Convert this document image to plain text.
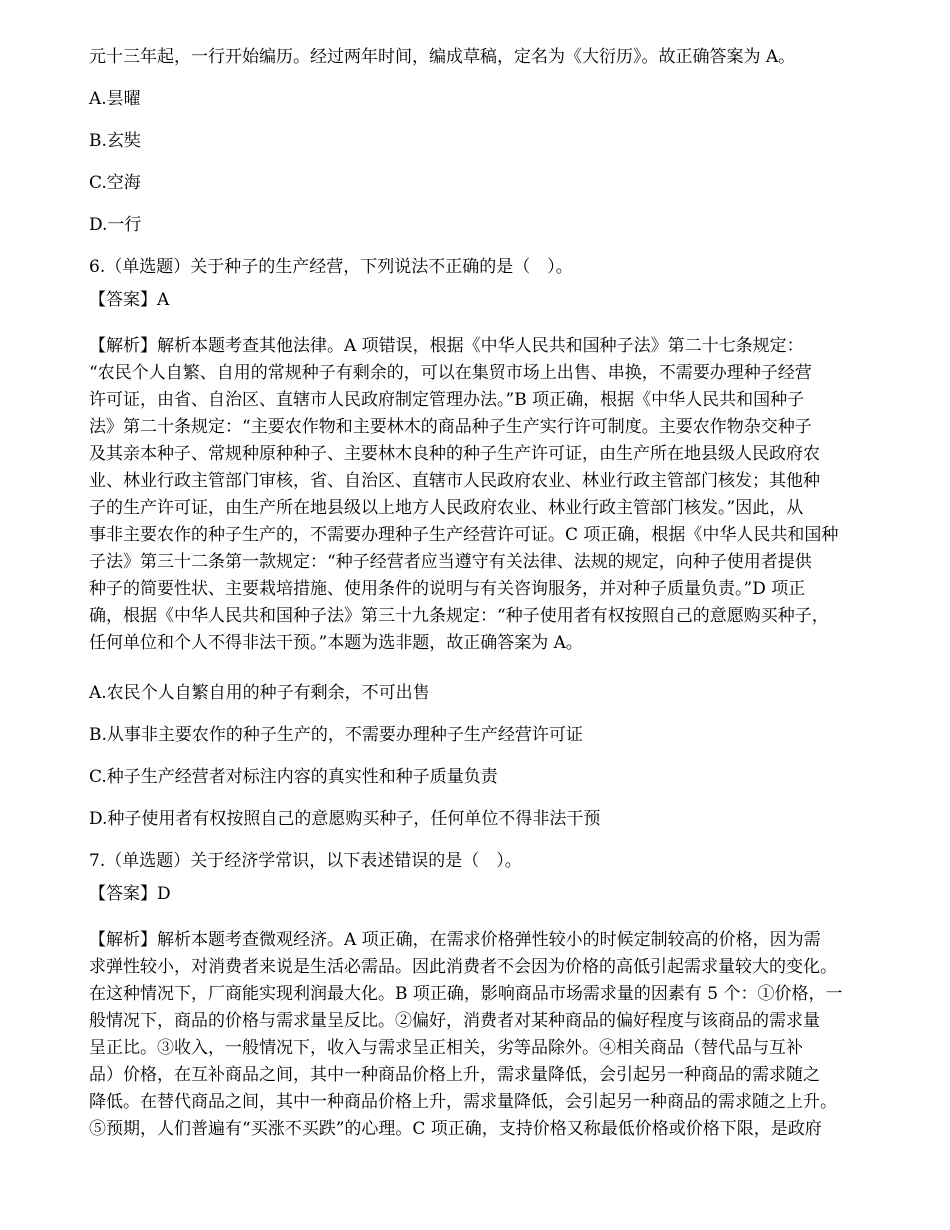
元十三年起，一行开始编历。经过两年时间，编成草稿，定名为《大衍历》。故正确答案为 A。
A.昙曜
B.玄奘
C.空海
D.一行
6.（单选题）关于种子的生产经营，下列说法不正确的是（　）。
【答案】A
【解析】解析本题考查其他法律。A 项错误，根据《中华人民共和国种子法》第二十七条规定：
“农民个人自繁、自用的常规种子有剩余的，可以在集贸市场上出售、串换，不需要办理种子经营
许可证，由省、自治区、直辖市人民政府制定管理办法。”B 项正确，根据《中华人民共和国种子
法》第二十条规定：“主要农作物和主要林木的商品种子生产实行许可制度。主要农作物杂交种子
及其亲本种子、常规种原种种子、主要林木良种的种子生产许可证，由生产所在地县级人民政府农
业、林业行政主管部门审核，省、自治区、直辖市人民政府农业、林业行政主管部门核发；其他种
子的生产许可证，由生产所在地县级以上地方人民政府农业、林业行政主管部门核发。”因此，从
事非主要农作的种子生产的，不需要办理种子生产经营许可证。C 项正确，根据《中华人民共和国种
子法》第三十二条第一款规定：“种子经营者应当遵守有关法律、法规的规定，向种子使用者提供
种子的简要性状、主要栽培措施、使用条件的说明与有关咨询服务，并对种子质量负责。”D 项正
确，根据《中华人民共和国种子法》第三十九条规定：“种子使用者有权按照自己的意愿购买种子，
任何单位和个人不得非法干预。”本题为选非题，故正确答案为 A。
A.农民个人自繁自用的种子有剩余，不可出售
B.从事非主要农作的种子生产的，不需要办理种子生产经营许可证
C.种子生产经营者对标注内容的真实性和种子质量负责
D.种子使用者有权按照自己的意愿购买种子，任何单位不得非法干预
7.（单选题）关于经济学常识，以下表述错误的是（　）。
【答案】D
【解析】解析本题考查微观经济。A 项正确，在需求价格弹性较小的时候定制较高的价格，因为需
求弹性较小，对消费者来说是生活必需品。因此消费者不会因为价格的高低引起需求量较大的变化。
在这种情况下，厂商能实现利润最大化。B 项正确，影响商品市场需求量的因素有 5 个：①价格，一
般情况下，商品的价格与需求量呈反比。②偏好，消费者对某种商品的偏好程度与该商品的需求量
呈正比。③收入，一般情况下，收入与需求呈正相关，劣等品除外。④相关商品（替代品与互补
品）价格，在互补商品之间，其中一种商品价格上升，需求量降低，会引起另一种商品的需求随之
降低。在替代商品之间，其中一种商品价格上升，需求量降低，会引起另一种商品的需求随之上升。
⑤预期，人们普遍有“买涨不买跌”的心理。C 项正确，支持价格又称最低价格或价格下限，是政府
